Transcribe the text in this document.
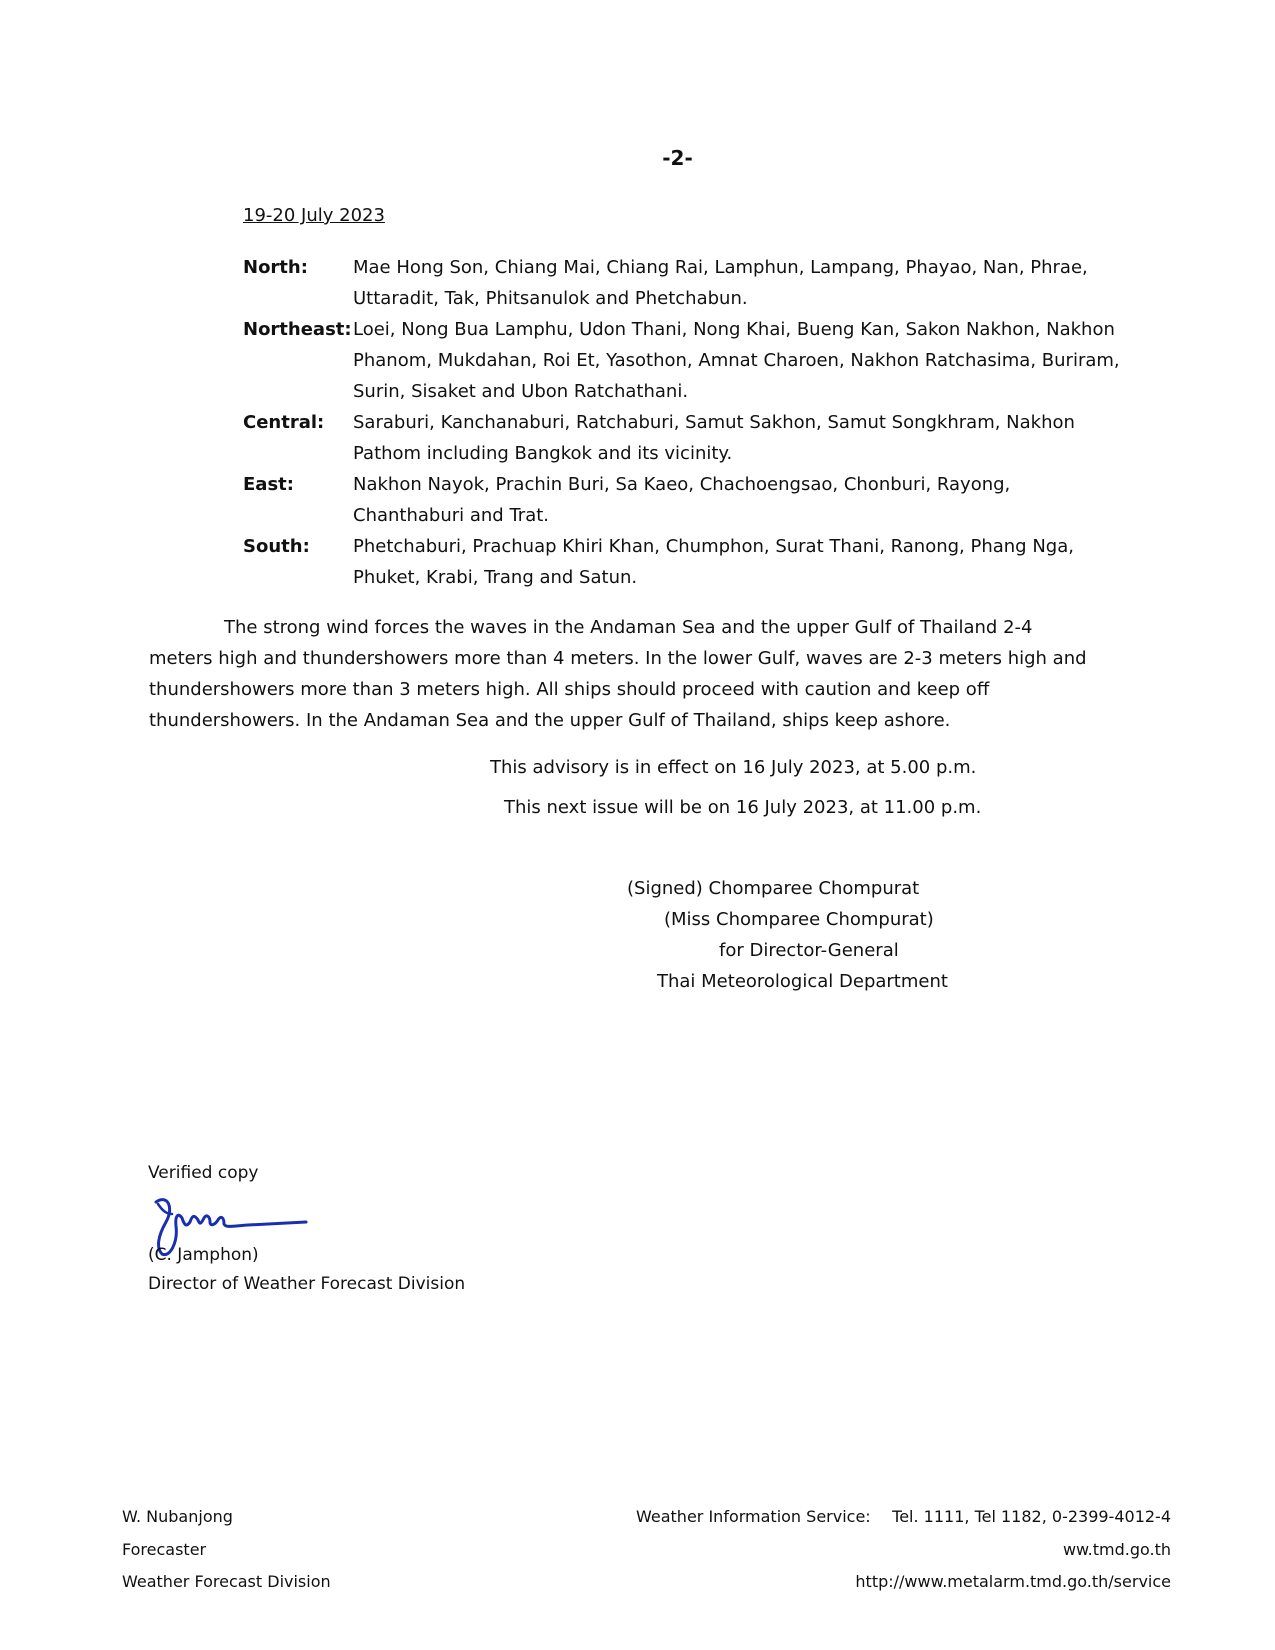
-2-
19-20 July 2023
North:	Mae Hong Son, Chiang Mai, Chiang Rai, Lamphun, Lampang, Phayao, Nan, Phrae, Uttaradit, Tak, Phitsanulok and Phetchabun.
Northeast: Loei, Nong Bua Lamphu, Udon Thani, Nong Khai, Bueng Kan, Sakon Nakhon, Nakhon Phanom, Mukdahan, Roi Et, Yasothon, Amnat Charoen, Nakhon Ratchasima, Buriram, Surin, Sisaket and Ubon Ratchathani.
Central:	Saraburi, Kanchanaburi, Ratchaburi, Samut Sakhon, Samut Songkhram, Nakhon Pathom including Bangkok and its vicinity.
East:	Nakhon Nayok, Prachin Buri, Sa Kaeo, Chachoengsao, Chonburi, Rayong, Chanthaburi and Trat.
South:	Phetchaburi, Prachuap Khiri Khan, Chumphon, Surat Thani, Ranong, Phang Nga, Phuket, Krabi, Trang and Satun.
The strong wind forces the waves in the Andaman Sea and the upper Gulf of Thailand 2-4 meters high and thundershowers more than 4 meters. In the lower Gulf, waves are 2-3 meters high and thundershowers more than 3 meters high. All ships should proceed with caution and keep off thundershowers. In the Andaman Sea and the upper Gulf of Thailand, ships keep ashore.
This advisory is in effect on 16 July 2023, at 5.00 p.m.
This next issue will be on 16 July 2023, at 11.00 p.m.
(Signed) Chomparee Chompurat
(Miss Chomparee Chompurat)
for Director-General
Thai Meteorological Department
Verified copy
(C. Jamphon)
Director of Weather Forecast Division
W. Nubanjong
Forecaster
Weather Forecast Division
Weather Information Service: Tel. 1111, Tel 1182, 0-2399-4012-4
ww.tmd.go.th
http://www.metalarm.tmd.go.th/service
